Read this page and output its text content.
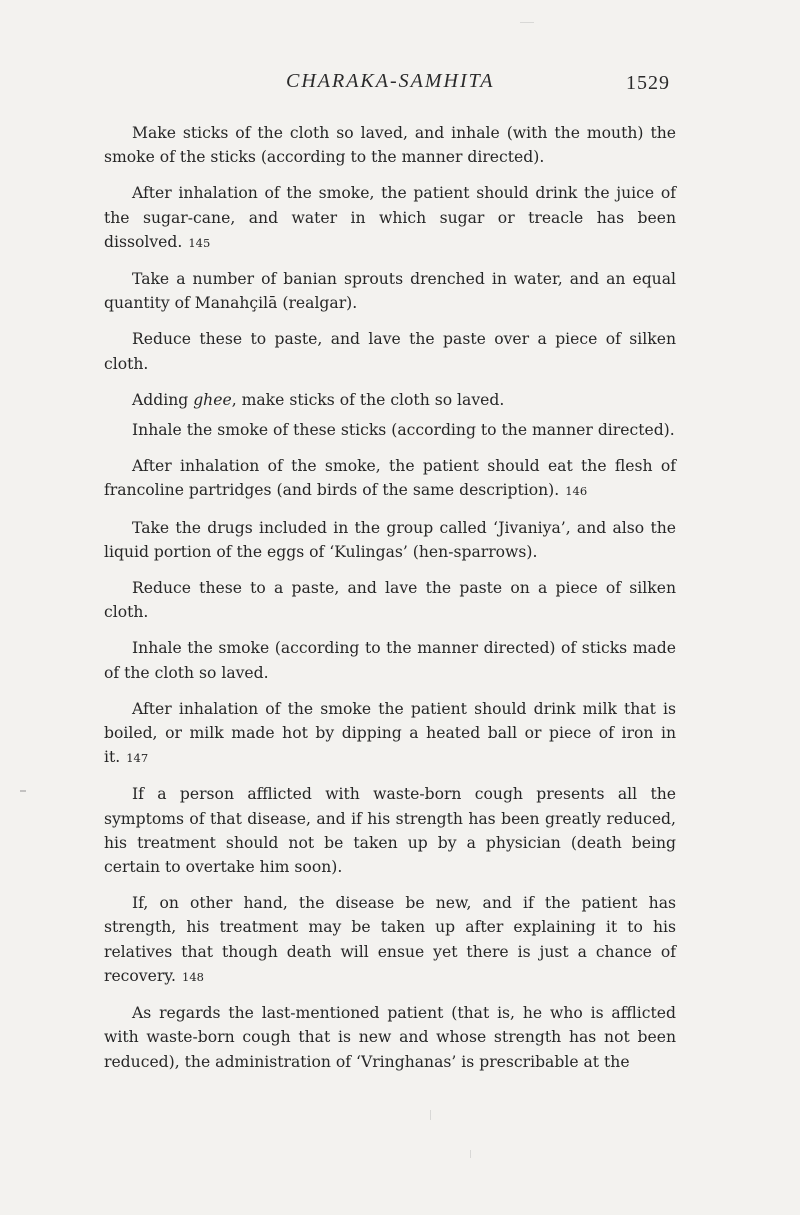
CHARAKA-SAMHITA	1529

Make sticks of the cloth so laved, and inhale (with the mouth) the smoke of the sticks (according to the manner directed).

After inhalation of the smoke, the patient should drink the juice of the sugar-cane, and water in which sugar or treacle has been dissolved. 145

Take a number of banian sprouts drenched in water, and an equal quantity of Manahçilā (realgar).

Reduce these to paste, and lave the paste over a piece of silken cloth.

Adding ghee, make sticks of the cloth so laved.

Inhale the smoke of these sticks (according to the manner directed).

After inhalation of the smoke, the patient should eat the flesh of francoline partridges (and birds of the same description). 146

Take the drugs included in the group called ‘Jivaniya’, and also the liquid portion of the eggs of ‘Kulingas’ (hen-sparrows).

Reduce these to a paste, and lave the paste on a piece of silken cloth.

Inhale the smoke (according to the manner directed) of sticks made of the cloth so laved.

After inhalation of the smoke the patient should drink milk that is boiled, or milk made hot by dipping a heated ball or piece of iron in it. 147

If a person afflicted with waste-born cough presents all the symptoms of that disease, and if his strength has been greatly reduced, his treatment should not be taken up by a physician (death being certain to overtake him soon).

If, on other hand, the disease be new, and if the patient has strength, his treatment may be taken up after explaining it to his relatives that though death will ensue yet there is just a chance of recovery. 148

As regards the last-mentioned patient (that is, he who is afflicted with waste-born cough that is new and whose strength has not been reduced), the administration of ‘Vringhanas’ is prescribable at the
